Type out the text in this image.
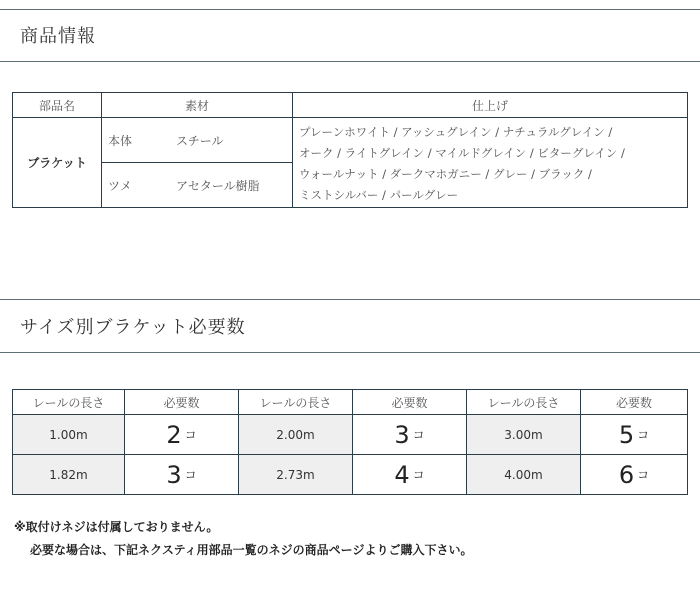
商品情報
部品名	素材	仕上げ
ブラケット	本体 スチール	プレーンホワイト / アッシュグレイン / ナチュラルグレイン /
オーク / ライトグレイン / マイルドグレイン / ビターグレイン /
ウォールナット / ダークマホガニー / グレー / ブラック /
ミストシルバー / パールグレー

	ツメ アセタール樹脂	
サイズ別ブラケット必要数
レールの長さ	必要数	レールの長さ	必要数	レールの長さ	必要数
1.00m	2 コ	2.00m	3 コ	3.00m	5 コ
1.82m	3 コ	2.73m	4 コ	4.00m	6 コ
※取付けネジは付属しておりません。
必要な場合は、下記ネクスティ用部品一覧のネジの商品ページよりご購入下さい。
